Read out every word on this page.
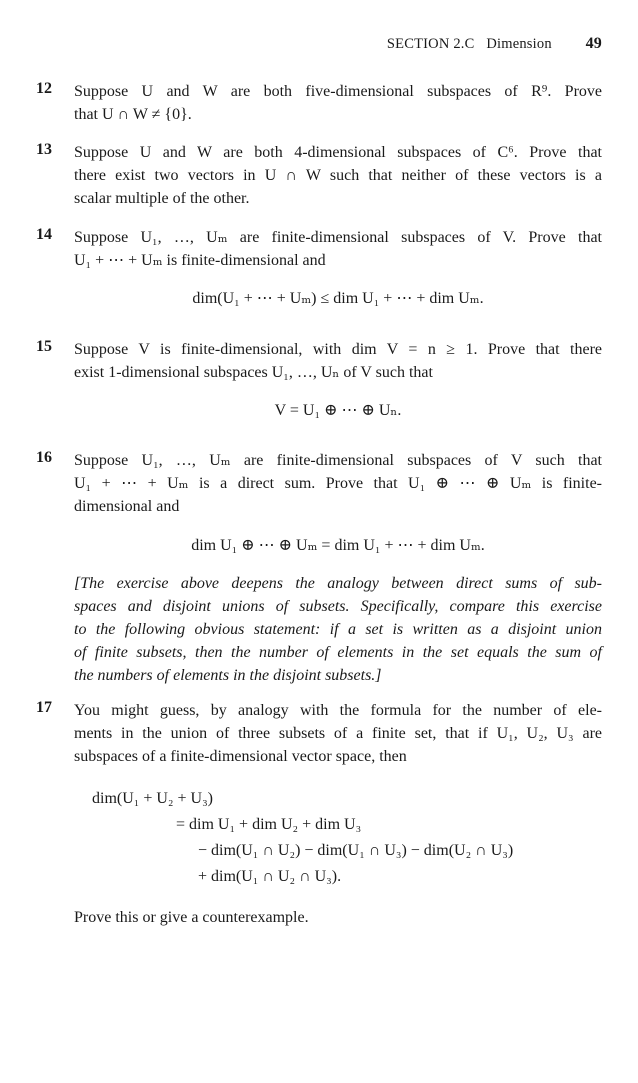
SECTION 2.C Dimension 49
12 Suppose U and W are both five-dimensional subspaces of R⁹. Prove
that U ∩ W ≠ {0}.
13 Suppose U and W are both 4-dimensional subspaces of C⁶. Prove that
there exist two vectors in U ∩ W such that neither of these vectors is a
scalar multiple of the other.
14 Suppose U₁, …, Uₘ are finite-dimensional subspaces of V. Prove that
U₁ + ⋯ + Uₘ is finite-dimensional and
dim(U₁ + ⋯ + Uₘ) ≤ dim U₁ + ⋯ + dim Uₘ.
15 Suppose V is finite-dimensional, with dim V = n ≥ 1. Prove that there
exist 1-dimensional subspaces U₁, …, Uₙ of V such that
V = U₁ ⊕ ⋯ ⊕ Uₙ.
16 Suppose U₁, …, Uₘ are finite-dimensional subspaces of V such that
U₁ + ⋯ + Uₘ is a direct sum. Prove that U₁ ⊕ ⋯ ⊕ Uₘ is finite-
dimensional and
dim U₁ ⊕ ⋯ ⊕ Uₘ = dim U₁ + ⋯ + dim Uₘ.
[The exercise above deepens the analogy between direct sums of sub-
spaces and disjoint unions of subsets. Specifically, compare this exercise
to the following obvious statement: if a set is written as a disjoint union
of finite subsets, then the number of elements in the set equals the sum of
the numbers of elements in the disjoint subsets.]
17 You might guess, by analogy with the formula for the number of ele-
ments in the union of three subsets of a finite set, that if U₁, U₂, U₃ are
subspaces of a finite-dimensional vector space, then
dim(U₁ + U₂ + U₃)
= dim U₁ + dim U₂ + dim U₃
− dim(U₁ ∩ U₂) − dim(U₁ ∩ U₃) − dim(U₂ ∩ U₃)
+ dim(U₁ ∩ U₂ ∩ U₃).
Prove this or give a counterexample.
